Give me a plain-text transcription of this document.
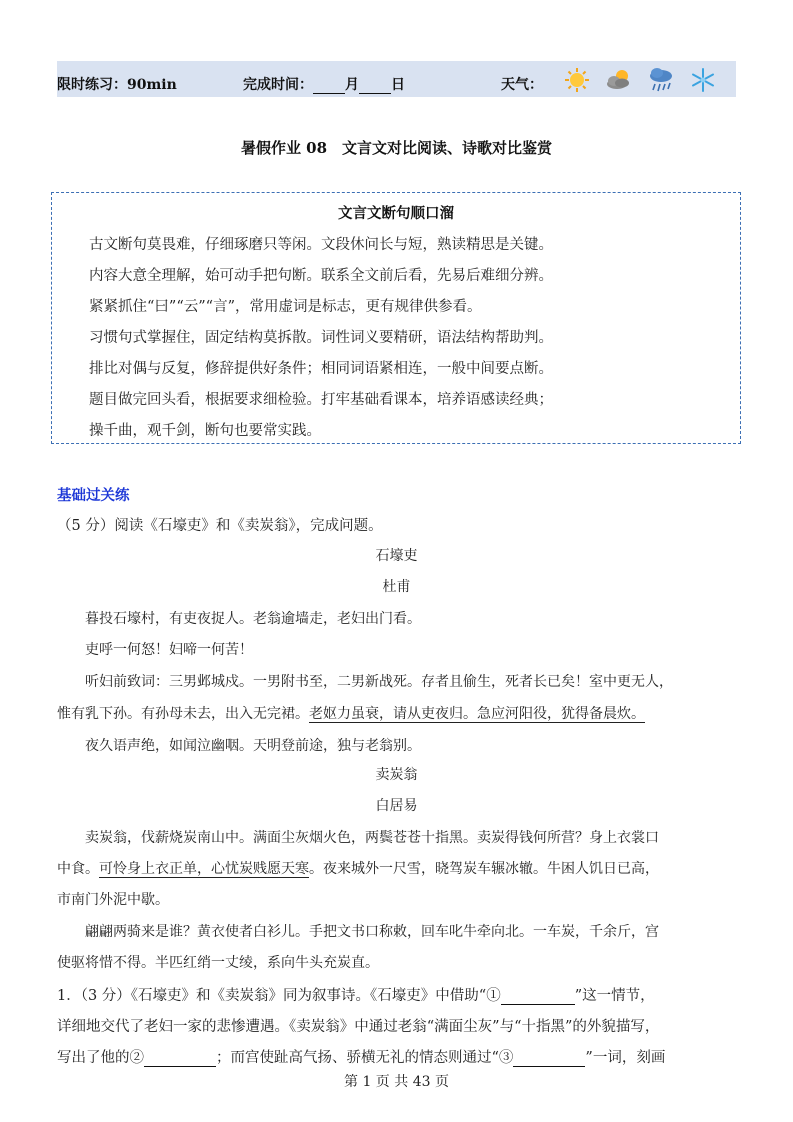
限时练习：90min	完成时间： 月 日	天气：
暑假作业 08　文言文对比阅读、诗歌对比鉴赏
文言文断句顺口溜
古文断句莫畏难，仔细琢磨只等闲。文段休问长与短，熟读精思是关键。
内容大意全理解，始可动手把句断。联系全文前后看，先易后难细分辨。
紧紧抓住“曰”“云”“言”，常用虚词是标志，更有规律供参看。
习惯句式掌握住，固定结构莫拆散。词性词义要精研，语法结构帮助判。
排比对偶与反复，修辞提供好条件；相同词语紧相连，一般中间要点断。
题目做完回头看，根据要求细检验。打牢基础看课本，培养语感读经典；
操千曲，观千剑，断句也要常实践。
基础过关练
（5 分）阅读《石壕吏》和《卖炭翁》，完成问题。
石壕吏
杜甫
暮投石壕村，有吏夜捉人。老翁逾墙走，老妇出门看。
吏呼一何怒！妇啼一何苦！
听妇前致词：三男邺城戍。一男附书至，二男新战死。存者且偷生，死者长已矣！室中更无人，
惟有乳下孙。有孙母未去，出入无完裙。老妪力虽衰，请从吏夜归。急应河阳役，犹得备晨炊。
夜久语声绝，如闻泣幽咽。天明登前途，独与老翁别。
卖炭翁
白居易
卖炭翁，伐薪烧炭南山中。满面尘灰烟火色，两鬓苍苍十指黑。卖炭得钱何所营？身上衣裳口
中食。可怜身上衣正单，心忧炭贱愿天寒。夜来城外一尺雪，晓驾炭车辗冰辙。牛困人饥日已高，
市南门外泥中歇。
翩翩两骑来是谁？黄衣使者白衫儿。手把文书口称敕，回车叱牛牵向北。一车炭，千余斤，宫
使驱将惜不得。半匹红绡一丈绫，系向牛头充炭直。
1．（3 分）《石壕吏》和《卖炭翁》同为叙事诗。《石壕吏》中借助“①	”这一情节，
详细地交代了老妇一家的悲惨遭遇。《卖炭翁》中通过老翁“满面尘灰”与“十指黑”的外貌描写，
写出了他的②	；而宫使趾高气扬、骄横无礼的情态则通过“③	”一词，刻画
第 1 页 共 43 页
